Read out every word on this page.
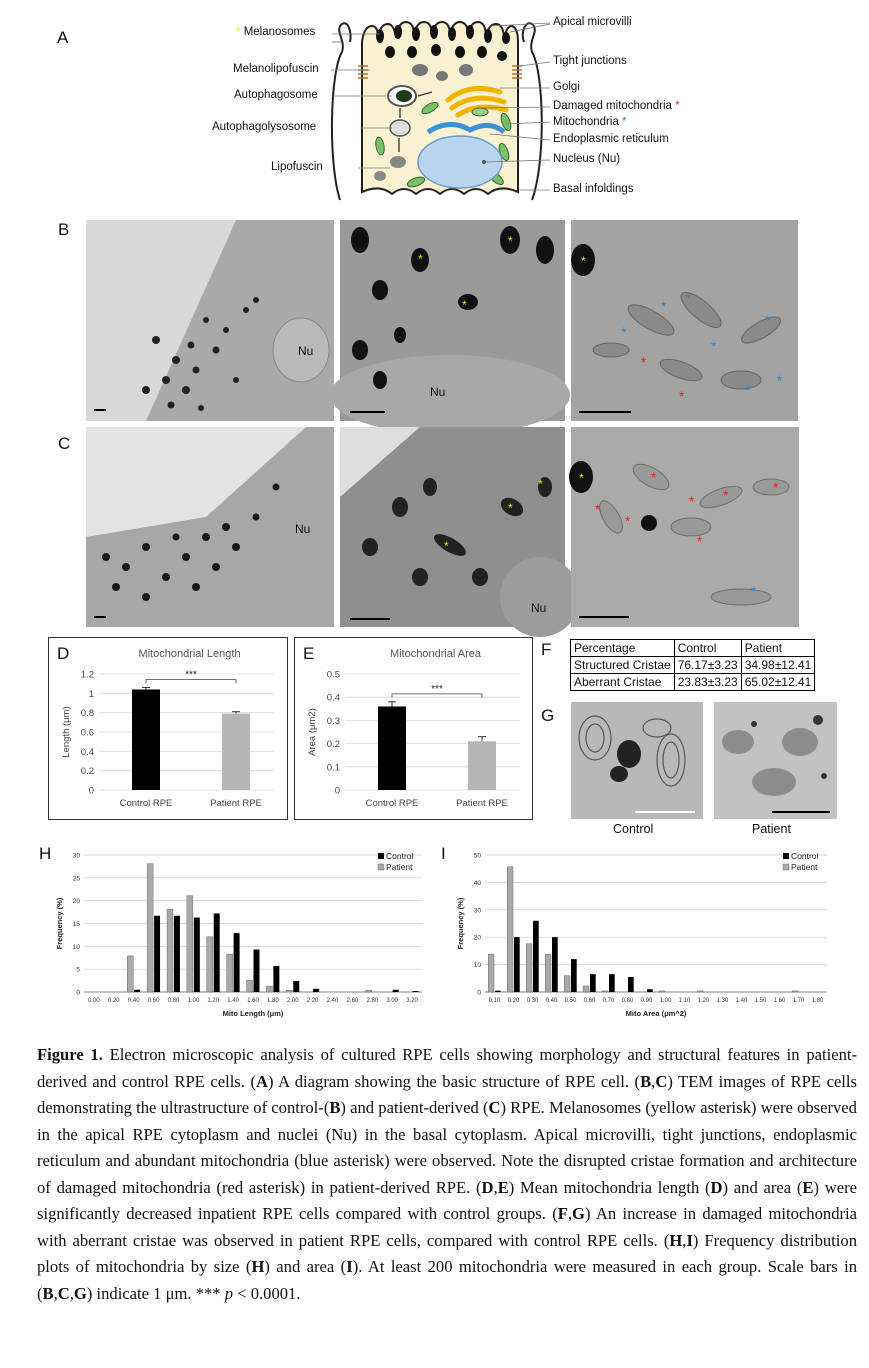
A
B
C
F
G
H	I
* Melanosomes
Melanolipofuscin
Autophagosome
Autophagolysosome
Lipofuscin
Apical microvilli
Tight junctions
Golgi
Damaged mitochondria *
Mitochondria *
Endoplasmic reticulum
Nucleus (Nu)
Basal infoldings
Nu
*
*
*
Nu
*
* *
*
*
*
*
*	*
*
Nu
*
*
*
Nu
*	*
*
*
* *	*
*
*
D	Mitochondrial Length
0
0.2
0.4
0.6
0.8
1
1.2
Length (μm)
Control RPE	Patient RPE
***
E	Mitochondrial Area
0
0.1
0.2
0.3
0.4
0.5
Area (μm2)
Control RPE	Patient RPE
***
Percentage	Control	Patient
Structured Cristae	76.17±3.23	34.98±12.41
Aberrant Cristae	23.83±3.23	65.02±12.41
Control	Patient
0
5
10
15
20
25
30
0.00 0.20 0.40 0.60 0.80 1.00 1.20 1.40 1.60 1.80 2.00 2.20 2.40 2.60 2.80 3.00 3.20
Mito Length (μm)
Frequency (%)
Control
Patient
0
10
20
30
40
50
0.10 0.20 0.30 0.40 0.50 0.60 0.70 0.80 0.90 1.00 1.10 1.20 1.30 1.40 1.50 1.60 1.70 1.80
Mito Area (μm^2)
Frequency (%)
Control
Patient
Figure 1. Electron microscopic analysis of cultured RPE cells showing morphology and structural features in patient-derived and control RPE cells. (A) A diagram showing the basic structure of RPE cell. (B,C) TEM images of RPE cells demonstrating the ultrastructure of control-(B) and patient-derived (C) RPE. Melanosomes (yellow asterisk) were observed in the apical RPE cytoplasm and nuclei (Nu) in the basal cytoplasm. Apical microvilli, tight junctions, endoplasmic reticulum and abundant mitochondria (blue asterisk) were observed. Note the disrupted cristae formation and architecture of damaged mitochondria (red asterisk) in patient-derived RPE. (D,E) Mean mitochondria length (D) and area (E) were significantly decreased inpatient RPE cells compared with control groups. (F,G) An increase in damaged mitochondria with aberrant cristae was observed in patient RPE cells, compared with control RPE cells. (H,I) Frequency distribution plots of mitochondria by size (H) and area (I). At least 200 mitochondria were measured in each group. Scale bars in (B,C,G) indicate 1 μm. *** p < 0.0001.
